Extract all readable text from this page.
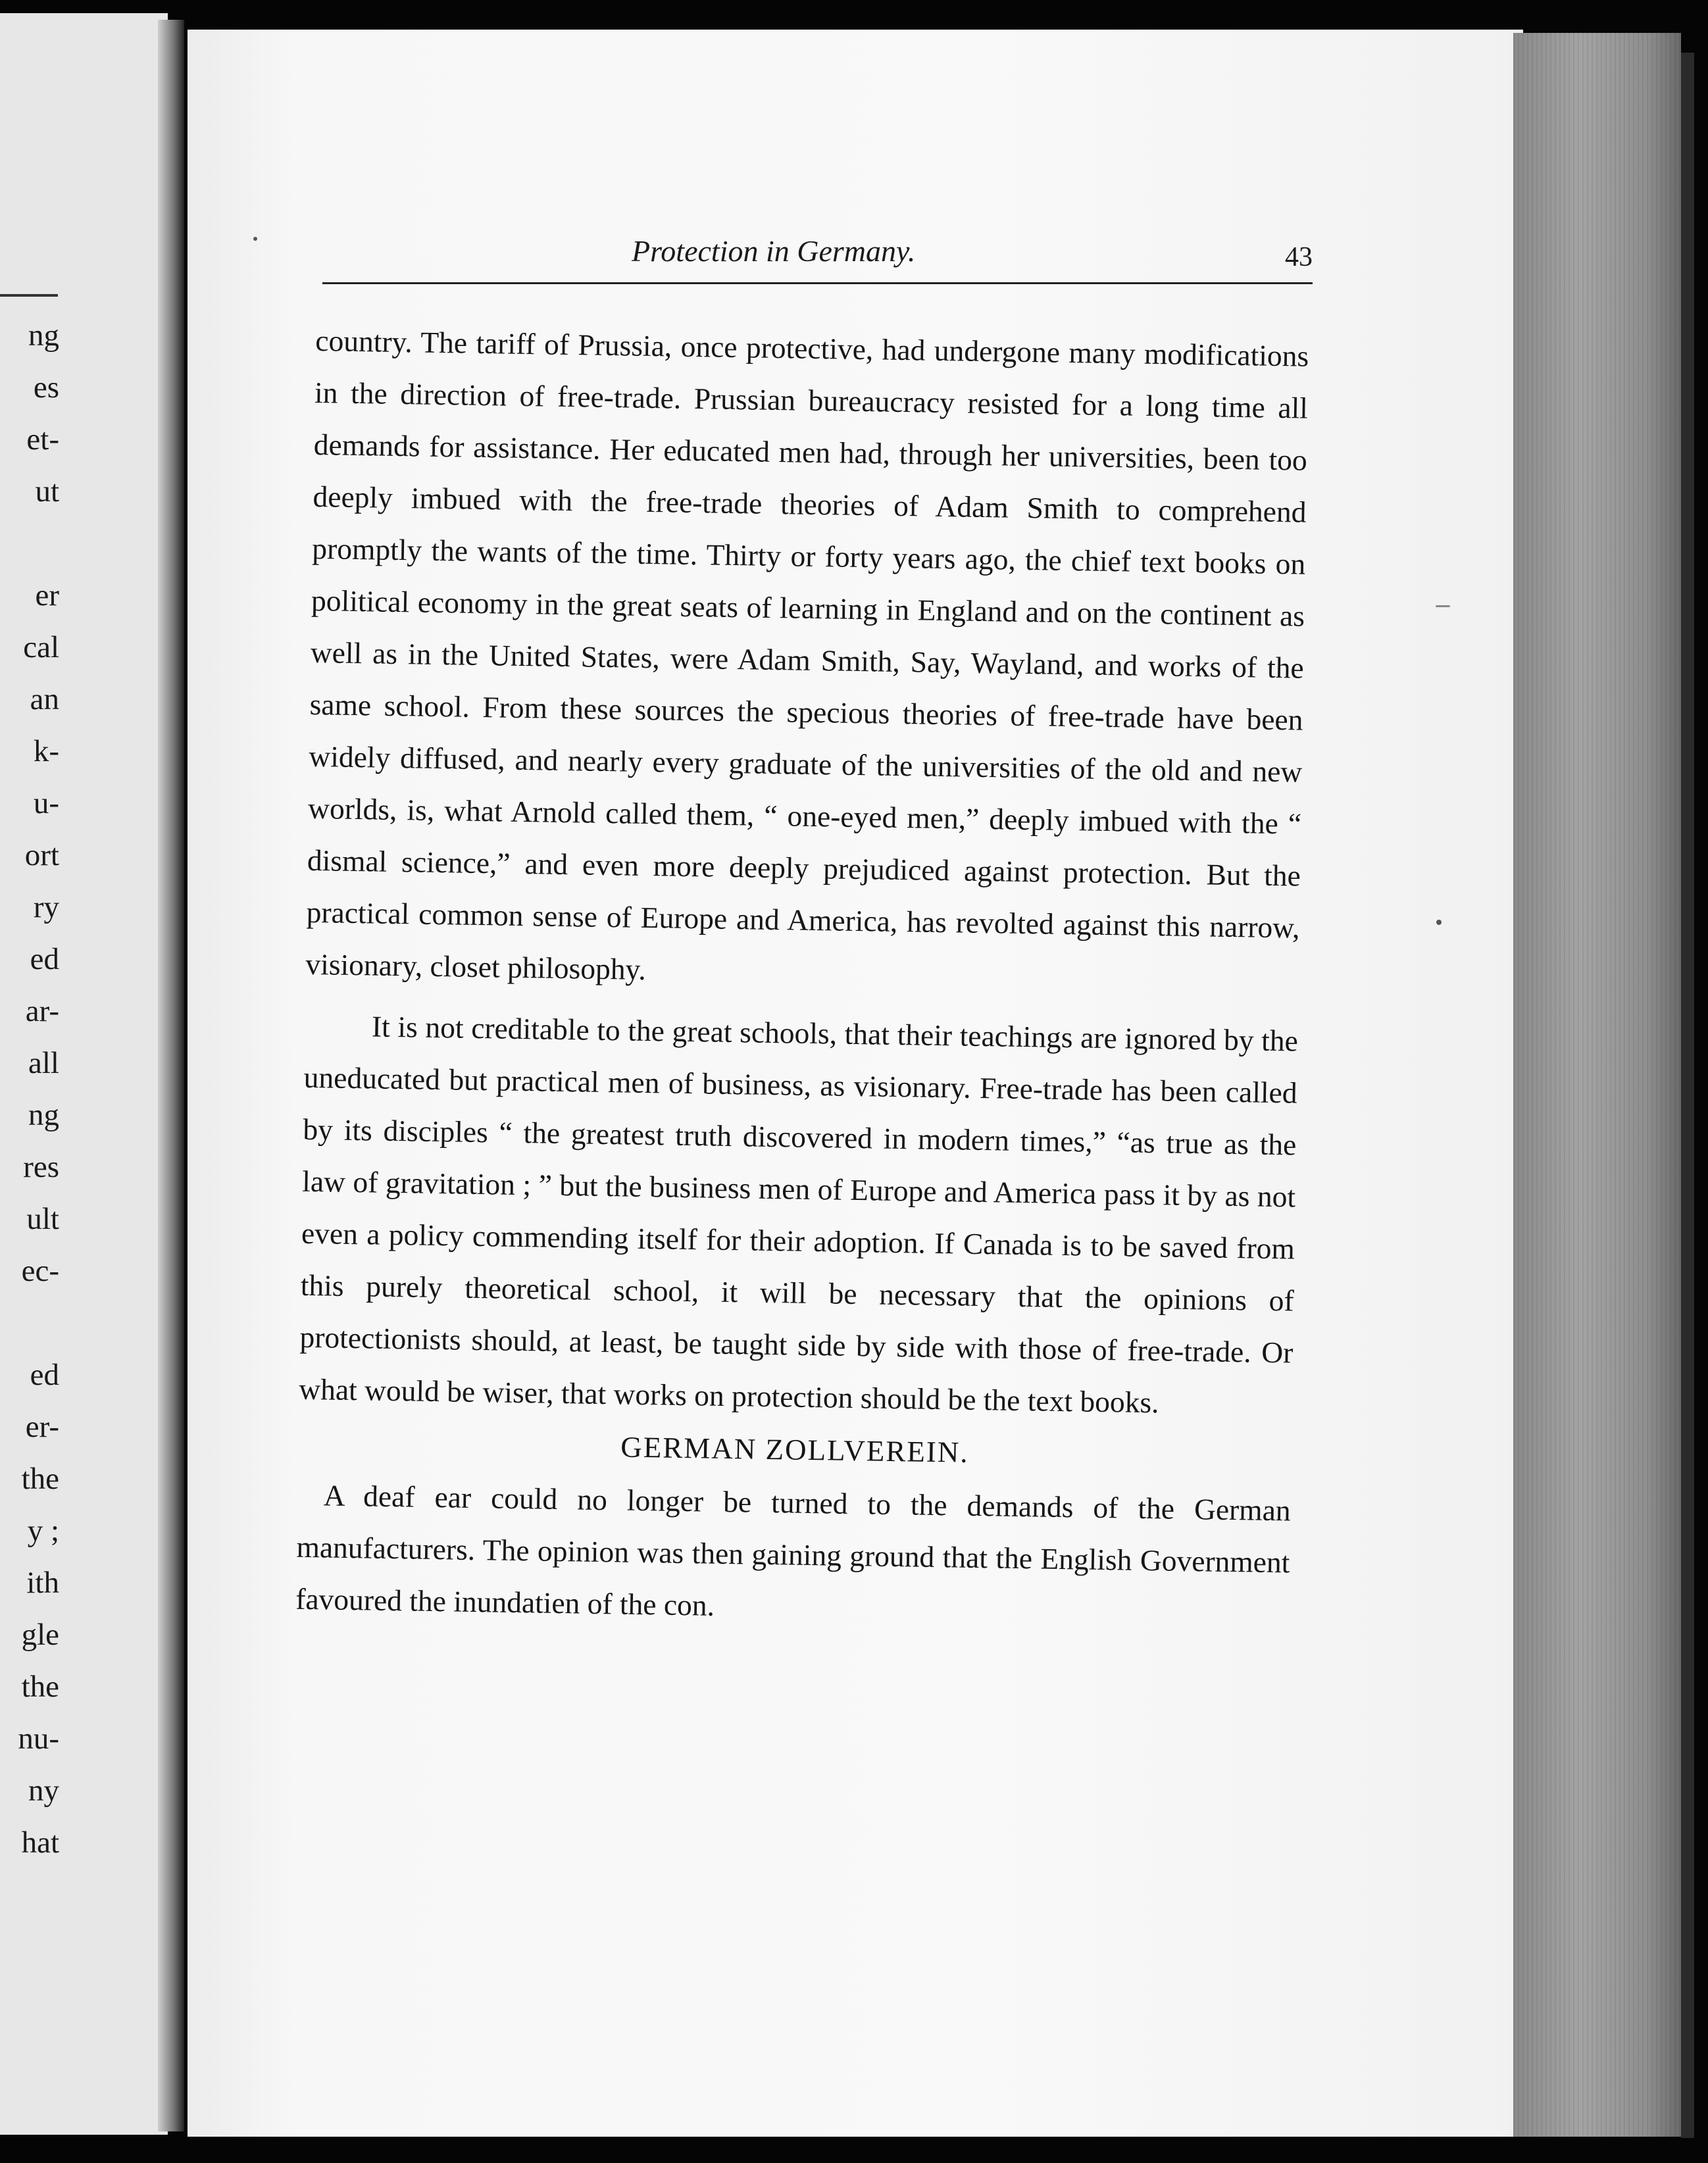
ng
es
et-
ut
er
cal
an
k-
u-
ort
ry
ed
ar-
all
ng
res
ult
ec-
ed
er-
the
y ;
ith
gle
the
nu-
ny
hat
Protection in Germany.	43

country. The tariff of Prussia, once protective, had undergone many modifications in the direction of free-trade. Prussian bureaucracy resisted for a long time all demands for assistance. Her educated men had, through her universities, been too deeply imbued with the free-trade theories of Adam Smith to comprehend promptly the wants of the time. Thirty or forty years ago, the chief text books on political economy in the great seats of learning in England and on the continent as well as in the United States, were Adam Smith, Say, Wayland, and works of the same school. From these sources the specious theories of free-trade have been widely diffused, and nearly every graduate of the universities of the old and new worlds, is, what Arnold called them, “ one-eyed men,” deeply imbued with the “ dismal science,” and even more deeply prejudiced against protection. But the practical common sense of Europe and America, has revolted against this narrow, visionary, closet philosophy.

It is not creditable to the great schools, that their teachings are ignored by the uneducated but practical men of business, as visionary. Free-trade has been called by its disciples “ the greatest truth discovered in modern times,” “as true as the law of gravitation ; ” but the business men of Europe and America pass it by as not even a policy commending itself for their adoption. If Canada is to be saved from this purely theoretical school, it will be necessary that the opinions of protectionists should, at least, be taught side by side with those of free-trade. Or what would be wiser, that works on protection should be the text books.

GERMAN ZOLLVEREIN.

A deaf ear could no longer be turned to the demands of the German manufacturers. The opinion was then gaining ground that the English Government favoured the inundatien of the con.
